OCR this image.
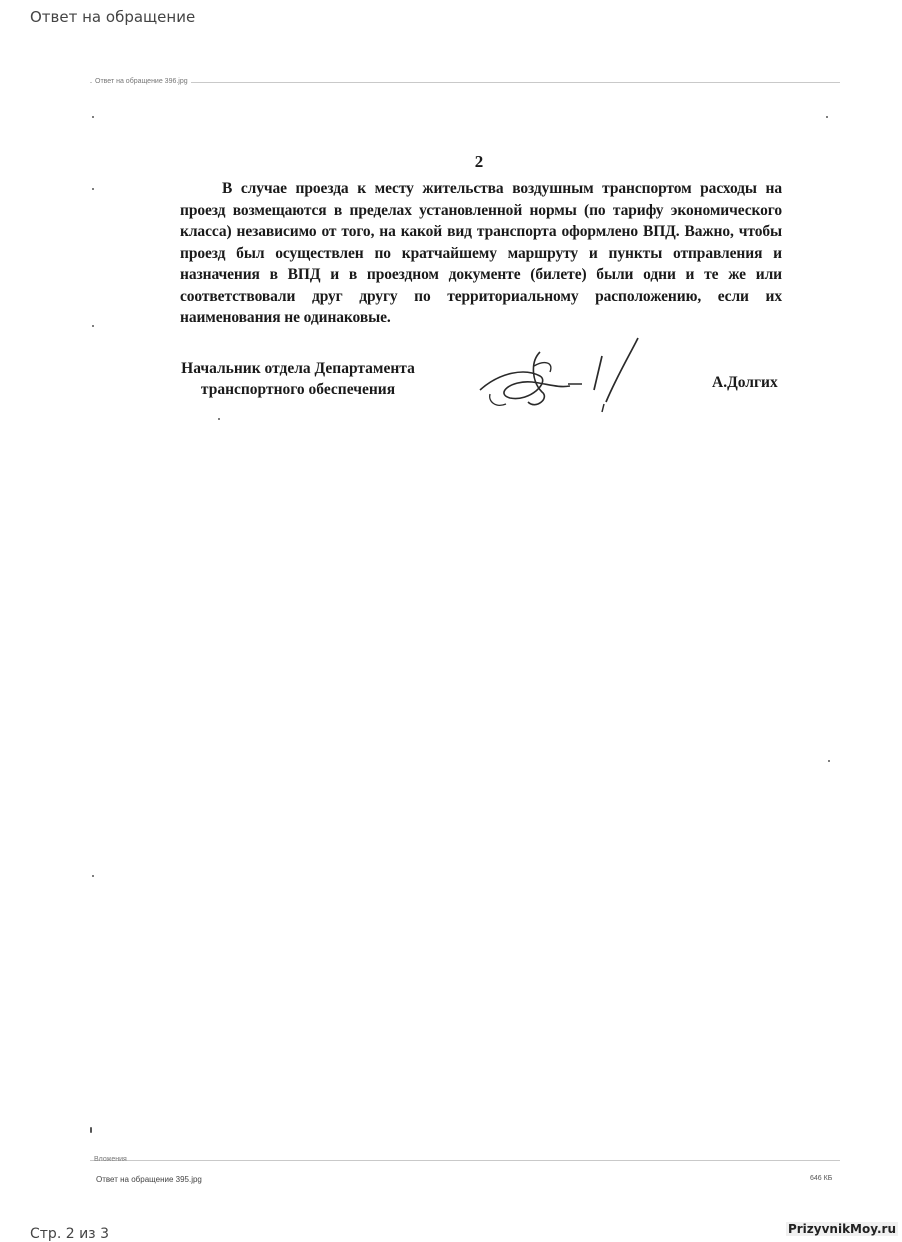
Ответ на обращение
Ответ на обращение 396.jpg
2
В случае проезда к месту жительства воздушным транспортом расходы на проезд возмещаются в пределах установленной нормы (по тарифу экономического класса) независимо от того, на какой вид транспорта оформлено ВПД. Важно, чтобы проезд был осуществлен по кратчайшему маршруту и пункты отправления и назначения в ВПД и в проездном документе (билете) были одни и те же или соответствовали друг другу по территориальному расположению, если их наименования не одинаковые.
Начальник отдела Департамента
транспортного обеспечения	А.Долгих
Вложения
Ответ на обращение 395.jpg	646 КБ
Стр. 2 из 3	PrizyvnikMoy.ru
